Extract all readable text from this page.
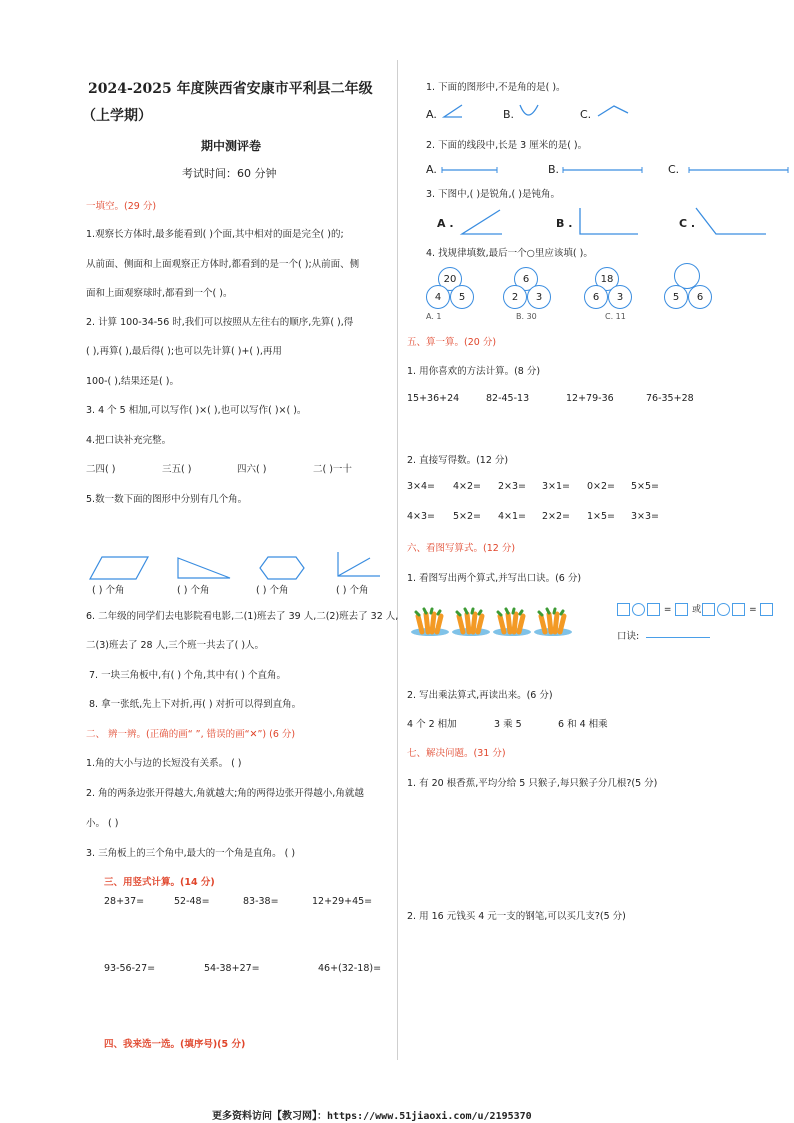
2024-2025 年度陕西省安康市平利县二年级
（上学期）
期中测评卷
考试时间：60 分钟
一填空。(29 分)
1.观察长方体时,最多能看到( )个面,其中相对的面是完全( )的;
从前面、侧面和上面观察正方体时,都看到的是一个( );从前面、侧
面和上面观察球时,都看到一个( )。
2. 计算 100-34-56 时,我们可以按照从左往右的顺序,先算( ),得
( ),再算( ),最后得( );也可以先计算( )+( ),再用
100-( ),结果还是( )。
3. 4 个 5 相加,可以写作( )×( ),也可以写作( )×( )。
4.把口诀补充完整。
二四( )	三五( )	四六( )	二( )一十
5.数一数下面的图形中分别有几个角。
( ) 个角	( ) 个角	( ) 个角	( ) 个角
6. 二年级的同学们去电影院看电影,二(1)班去了 39 人,二(2)班去了 32 人,
二(3)班去了 28 人,三个班一共去了( )人。
7. 一块三角板中,有( ) 个角,其中有( ) 个直角。
8. 拿一张纸,先上下对折,再( ) 对折可以得到直角。
二、 辨一辨。(正确的画“ ”, 错误的画“✕”) (6 分)
1.角的大小与边的长短没有关系。 ( )
2. 角的两条边张开得越大,角就越大;角的两得边张开得越小,角就越
小。 ( )
3. 三角板上的三个角中,最大的一个角是直角。 ( )
三、用竖式计算。(14 分)
28+37=	52-48=	83-38=	12+29+45=
93-56-27=	54-38+27=	46+(32-18)=
四、我来选一选。(填序号)(5 分)
1. 下面的图形中,不是角的是( )。
A.	B.	C.
2. 下面的线段中,长是 3 厘米的是( )。
A.	B.	C.
3. 下图中,( )是锐角,( )是钝角。
A .	B .	C .
4. 找规律填数,最后一个○里应该填( )。
20
4	5
6
2	3
18
6	3	5	6
A. 1	B. 30	C. 11
五、算一算。(20 分)
1. 用你喜欢的方法计算。(8 分)
15+36+24	82-45-13	12+79-36	76-35+28
2. 直接写得数。(12 分)
3×4= 4×2= 2×3= 3×1= 0×2= 5×5=
4×3= 5×2= 4×1= 2×2= 1×5= 3×3=
六、看图写算式。(12 分)
1. 看图写出两个算式,并写出口诀。(6 分)
= 或	=
口诀:
2. 写出乘法算式,再读出来。(6 分)
4 个 2 相加	3 乘 5	6 和 4 相乘
七、解决问题。(31 分)
1. 有 20 根香蕉,平均分给 5 只猴子,每只猴子分几根?(5 分)
2. 用 16 元钱买 4 元一支的钢笔,可以买几支?(5 分)
更多资料访问【教习网】：https://www.51jiaoxi.com/u/2195370
